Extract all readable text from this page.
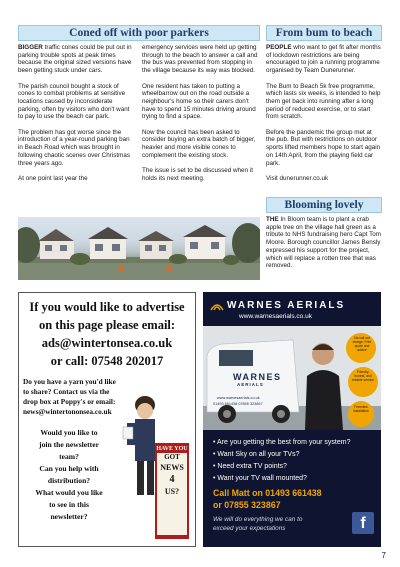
Coned off with poor parkers

BIGGER traffic cones could be put out in parking trouble spots at peak times because the original sized versions have been getting stuck under cars.

The parish council bought a stock of cones to combat problems at sensitive locations caused by inconsiderate parking, often by visitors who don't want to pay to use the beach car park.

The problem has got worse since the introduction of a year-round parking ban in Beach Road which was brought in following chaotic scenes over Christmas three years ago.

At one point last year the

emergency services were held up getting through to the beach to answer a call and the bus was prevented from stopping in the village because its way was blocked.

One resident has taken to putting a wheelbarrow out on the road outside a neighbour's home so their carers don't have to spend 15 minutes driving around trying to find a space.

Now the council has been asked to consider buying an extra batch of bigger, heavier and more visible cones to complement the existing stock.

The issue is set to be discussed when it holds its next meeting.

From bum to beach

PEOPLE who want to get fit after months of lockdown restrictions are being encouraged to join a running programme organised by Team Dunerunner.

The Bum to Beach 5k free programme, which lasts six weeks, is intended to help them get back into running after a long period of reduced exercise, or to start from scratch.

Before the pandemic the group met at the pub. But with restrictions on outdoor sports lifted members hope to start again on 14th April, from the playing field car park.

Visit dunerunner.co.uk

Blooming lovely

THE In Bloom team is to plant a crab apple tree on the village hall green as a tribute to NHS fundraising hero Capt Tom Moore. Borough councillor James Bensly expressed his support for the project, which will replace a rotten tree that was removed.

If you would like to advertise
on this page please email:
ads@wintertonsea.co.uk
or call: 07548 202017
Do you have a yarn you'd like
to share? Contact us via the
drop box at Poppy's or email:
news@wintertononsea.co.uk
Would you like to
join the newsletter
team?
Can you help with
distribution?
What would you like
to see in this
newsletter?
HAVE YOU
GOT
NEWS
4
US?
WARNES AERIALS
www.warnesaerials.co.uk
WARNES
AERIALS
www.warnesaerials.co.uk
01493 661438 07855 323867
No call out charge. Free quote and advice
Friendly, honest, and reliable service
Freeview installation
• Are you getting the best from your system?
• Want Sky on all your TVs?
• Need extra TV points?
• Want your TV wall mounted?
Call Matt on 01493 661438
or 07855 323867
We will do everything we can to
exceed your expectations	f
7
